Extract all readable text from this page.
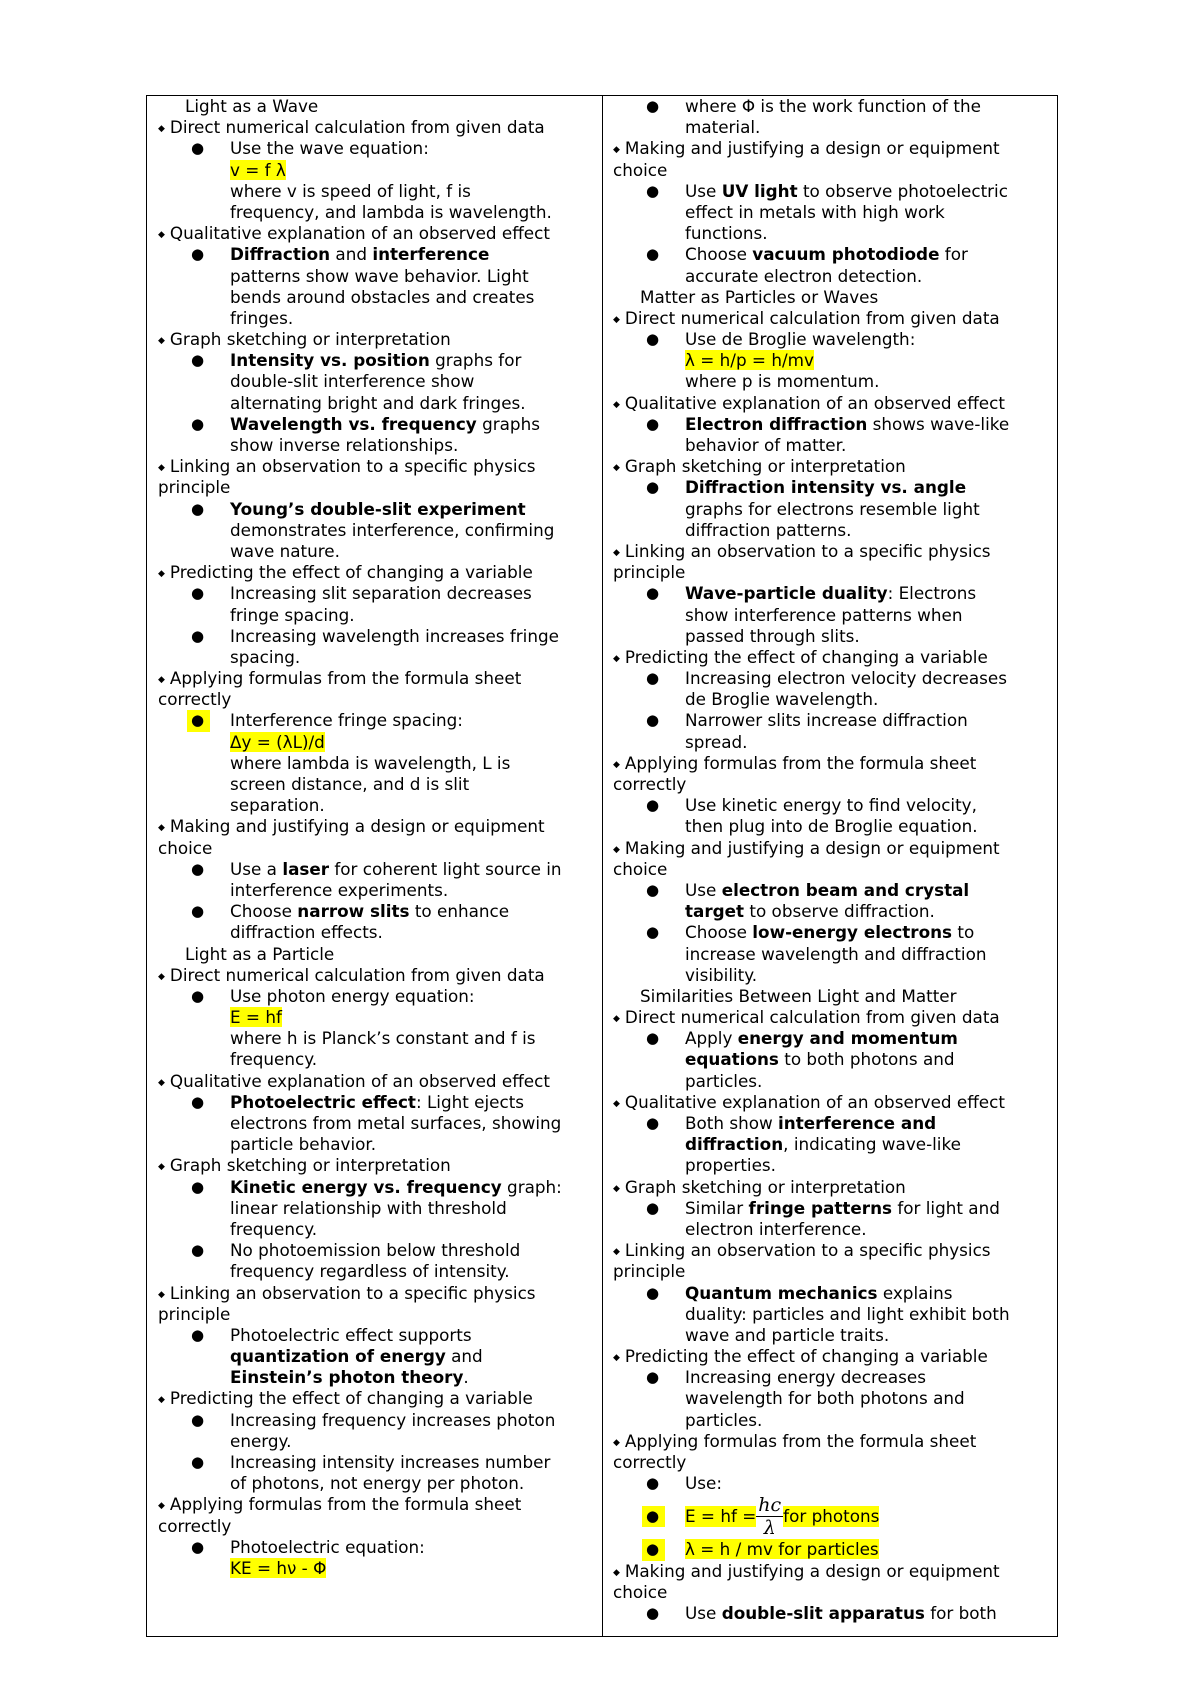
Light as a Wave
◆ Direct numerical calculation from given data
● Use the wave equation:
v = f λ
where v is speed of light, f is
frequency, and lambda is wavelength.
◆ Qualitative explanation of an observed effect
● Diffraction and interference
patterns show wave behavior. Light
bends around obstacles and creates
fringes.
◆ Graph sketching or interpretation
● Intensity vs. position graphs for
double-slit interference show
alternating bright and dark fringes.
● Wavelength vs. frequency graphs
show inverse relationships.
◆ Linking an observation to a specific physics
principle
● Young’s double-slit experiment
demonstrates interference, confirming
wave nature.
◆ Predicting the effect of changing a variable
● Increasing slit separation decreases
fringe spacing.
● Increasing wavelength increases fringe
spacing.
◆ Applying formulas from the formula sheet
correctly
● Interference fringe spacing:
Δy = (λL)/d
where lambda is wavelength, L is
screen distance, and d is slit
separation.
◆ Making and justifying a design or equipment
choice
● Use a laser for coherent light source in
interference experiments.
● Choose narrow slits to enhance
diffraction effects.
Light as a Particle
◆ Direct numerical calculation from given data
● Use photon energy equation:
E = hf
where h is Planck’s constant and f is
frequency.
◆ Qualitative explanation of an observed effect
● Photoelectric effect: Light ejects
electrons from metal surfaces, showing
particle behavior.
◆ Graph sketching or interpretation
● Kinetic energy vs. frequency graph:
linear relationship with threshold
frequency.
● No photoemission below threshold
frequency regardless of intensity.
◆ Linking an observation to a specific physics
principle
● Photoelectric effect supports
quantization of energy and
Einstein’s photon theory.
◆ Predicting the effect of changing a variable
● Increasing frequency increases photon
energy.
● Increasing intensity increases number
of photons, not energy per photon.
◆ Applying formulas from the formula sheet
correctly
● Photoelectric equation:
KE = hν - Φ
● where Φ is the work function of the
material.
◆ Making and justifying a design or equipment
choice
● Use UV light to observe photoelectric
effect in metals with high work
functions.
● Choose vacuum photodiode for
accurate electron detection.
Matter as Particles or Waves
◆ Direct numerical calculation from given data
● Use de Broglie wavelength:
λ = h/p = h/mv
where p is momentum.
◆ Qualitative explanation of an observed effect
● Electron diffraction shows wave-like
behavior of matter.
◆ Graph sketching or interpretation
● Diffraction intensity vs. angle
graphs for electrons resemble light
diffraction patterns.
◆ Linking an observation to a specific physics
principle
● Wave-particle duality: Electrons
show interference patterns when
passed through slits.
◆ Predicting the effect of changing a variable
● Increasing electron velocity decreases
de Broglie wavelength.
● Narrower slits increase diffraction
spread.
◆ Applying formulas from the formula sheet
correctly
● Use kinetic energy to find velocity,
then plug into de Broglie equation.
◆ Making and justifying a design or equipment
choice
● Use electron beam and crystal
target to observe diffraction.
● Choose low-energy electrons to
increase wavelength and diffraction
visibility.
Similarities Between Light and Matter
◆ Direct numerical calculation from given data
● Apply energy and momentum
equations to both photons and
particles.
◆ Qualitative explanation of an observed effect
● Both show interference and
diffraction, indicating wave-like
properties.
◆ Graph sketching or interpretation
● Similar fringe patterns for light and
electron interference.
◆ Linking an observation to a specific physics
principle
● Quantum mechanics explains
duality: particles and light exhibit both
wave and particle traits.
◆ Predicting the effect of changing a variable
● Increasing energy decreases
wavelength for both photons and
particles.
◆ Applying formulas from the formula sheet
correctly
● Use:
● E = hf = $\frac{hc}{\lambda}$ for photons
● λ = h / mv for particles
◆ Making and justifying a design or equipment
choice
● Use double-slit apparatus for both
